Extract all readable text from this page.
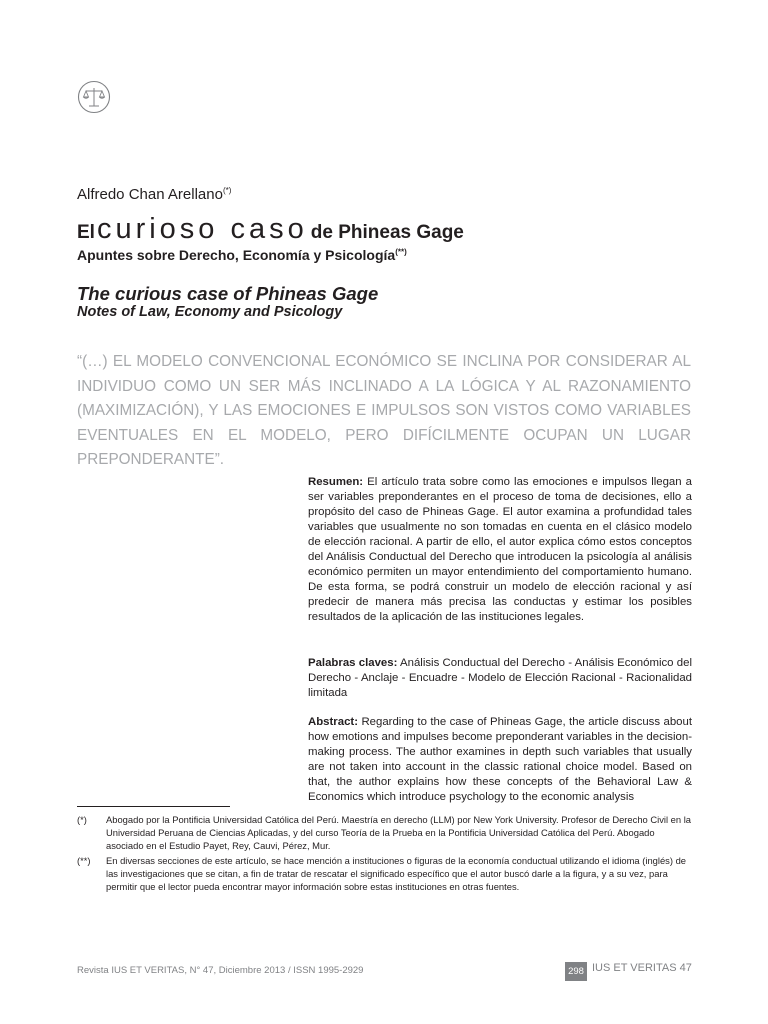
Alfredo Chan Arellano(*)
Elcurioso caso de Phineas Gage
Apuntes sobre Derecho, Economía y Psicología(**)
The curious case of Phineas Gage
Notes of Law, Economy and Psicology
“(…) EL MODELO CONVENCIONAL ECONÓMICO SE INCLINA POR CONSIDERAR AL INDIVIDUO COMO UN SER MÁS INCLINADO A LA LÓGICA Y AL RAZONAMIENTO (MAXIMIZACIÓN), Y LAS EMOCIONES E IMPULSOS SON VISTOS COMO VARIABLES EVENTUALES EN EL MODELO, PERO DIFÍCILMENTE OCUPAN UN LUGAR PREPONDERANTE”.
Resumen: El artículo trata sobre como las emociones e impulsos llegan a ser variables preponderantes en el proceso de toma de decisiones, ello a propósito del caso de Phineas Gage. El autor examina a profundidad tales variables que usualmente no son tomadas en cuenta en el clásico modelo de elección racional. A partir de ello, el autor explica cómo estos conceptos del Análisis Conductual del Derecho que introducen la psicología al análisis económico permiten un mayor entendimiento del comportamiento humano. De esta forma, se podrá construir un modelo de elección racional y así predecir de manera más precisa las conductas y estimar los posibles resultados de la aplicación de las instituciones legales.
Palabras claves: Análisis Conductual del Derecho - Análisis Económico del Derecho - Anclaje - Encuadre - Modelo de Elección Racional - Racionalidad limitada
Abstract: Regarding to the case of Phineas Gage, the article discuss about how emotions and impulses become preponderant variables in the decision-making process. The author examines in depth such variables that usually are not taken into account in the classic rational choice model. Based on that, the author explains how these concepts of the Behavioral Law & Economics which introduce psychology to the economic analysis
(*) Abogado por la Pontificia Universidad Católica del Perú. Maestría en derecho (LLM) por New York University. Profesor de Derecho Civil en la Universidad Peruana de Ciencias Aplicadas, y del curso Teoría de la Prueba en la Pontificia Universidad Católica del Perú. Abogado asociado en el Estudio Payet, Rey, Cauvi, Pérez, Mur.
(**) En diversas secciones de este artículo, se hace mención a instituciones o figuras de la economía conductual utilizando el idioma (inglés) de las investigaciones que se citan, a fin de tratar de rescatar el significado específico que el autor buscó darle a la figura, y a su vez, para permitir que el lector pueda encontrar mayor información sobre estas instituciones en otras fuentes.
Revista IUS ET VERITAS, N° 47, Diciembre 2013 / ISSN 1995-2929	298 IUS ET VERITAS 47
